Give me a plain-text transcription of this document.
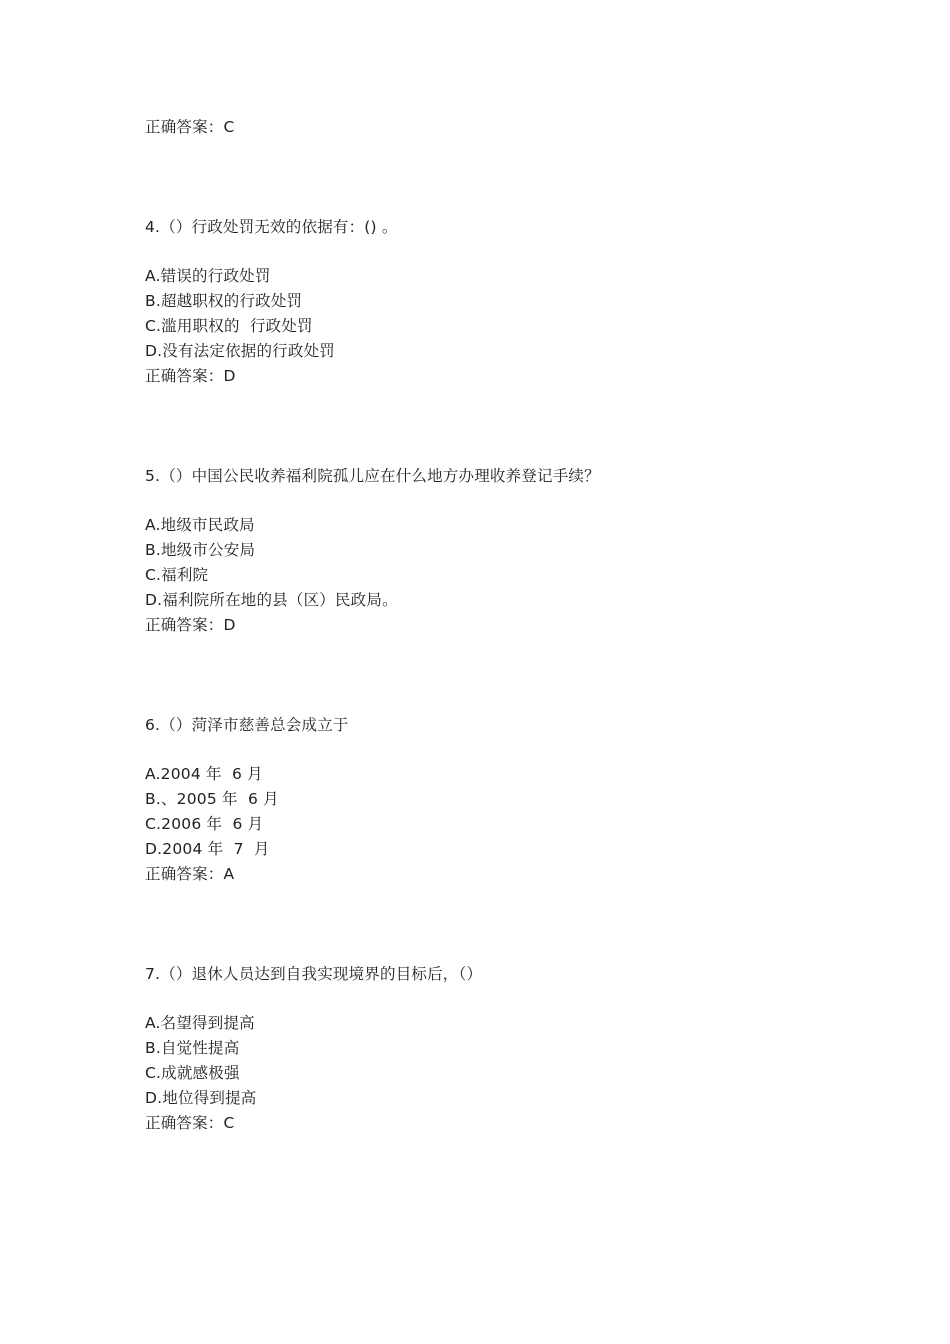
正确答案：C
4.（）行政处罚无效的依据有：() 。
A.错误的行政处罚
B.超越职权的行政处罚
C.滥用职权的  行政处罚
D.没有法定依据的行政处罚
正确答案：D
5.（）中国公民收养福利院孤儿应在什么地方办理收养登记手续？
A.地级市民政局
B.地级市公安局
C.福利院
D.福利院所在地的县（区）民政局。
正确答案：D
6.（）菏泽市慈善总会成立于
A.2004 年  6 月
B.、2005 年  6 月
C.2006 年  6 月
D.2004 年  7  月
正确答案：A
7.（）退休人员达到自我实现境界的目标后，（）
A.名望得到提高
B.自觉性提高
C.成就感极强
D.地位得到提高
正确答案：C
